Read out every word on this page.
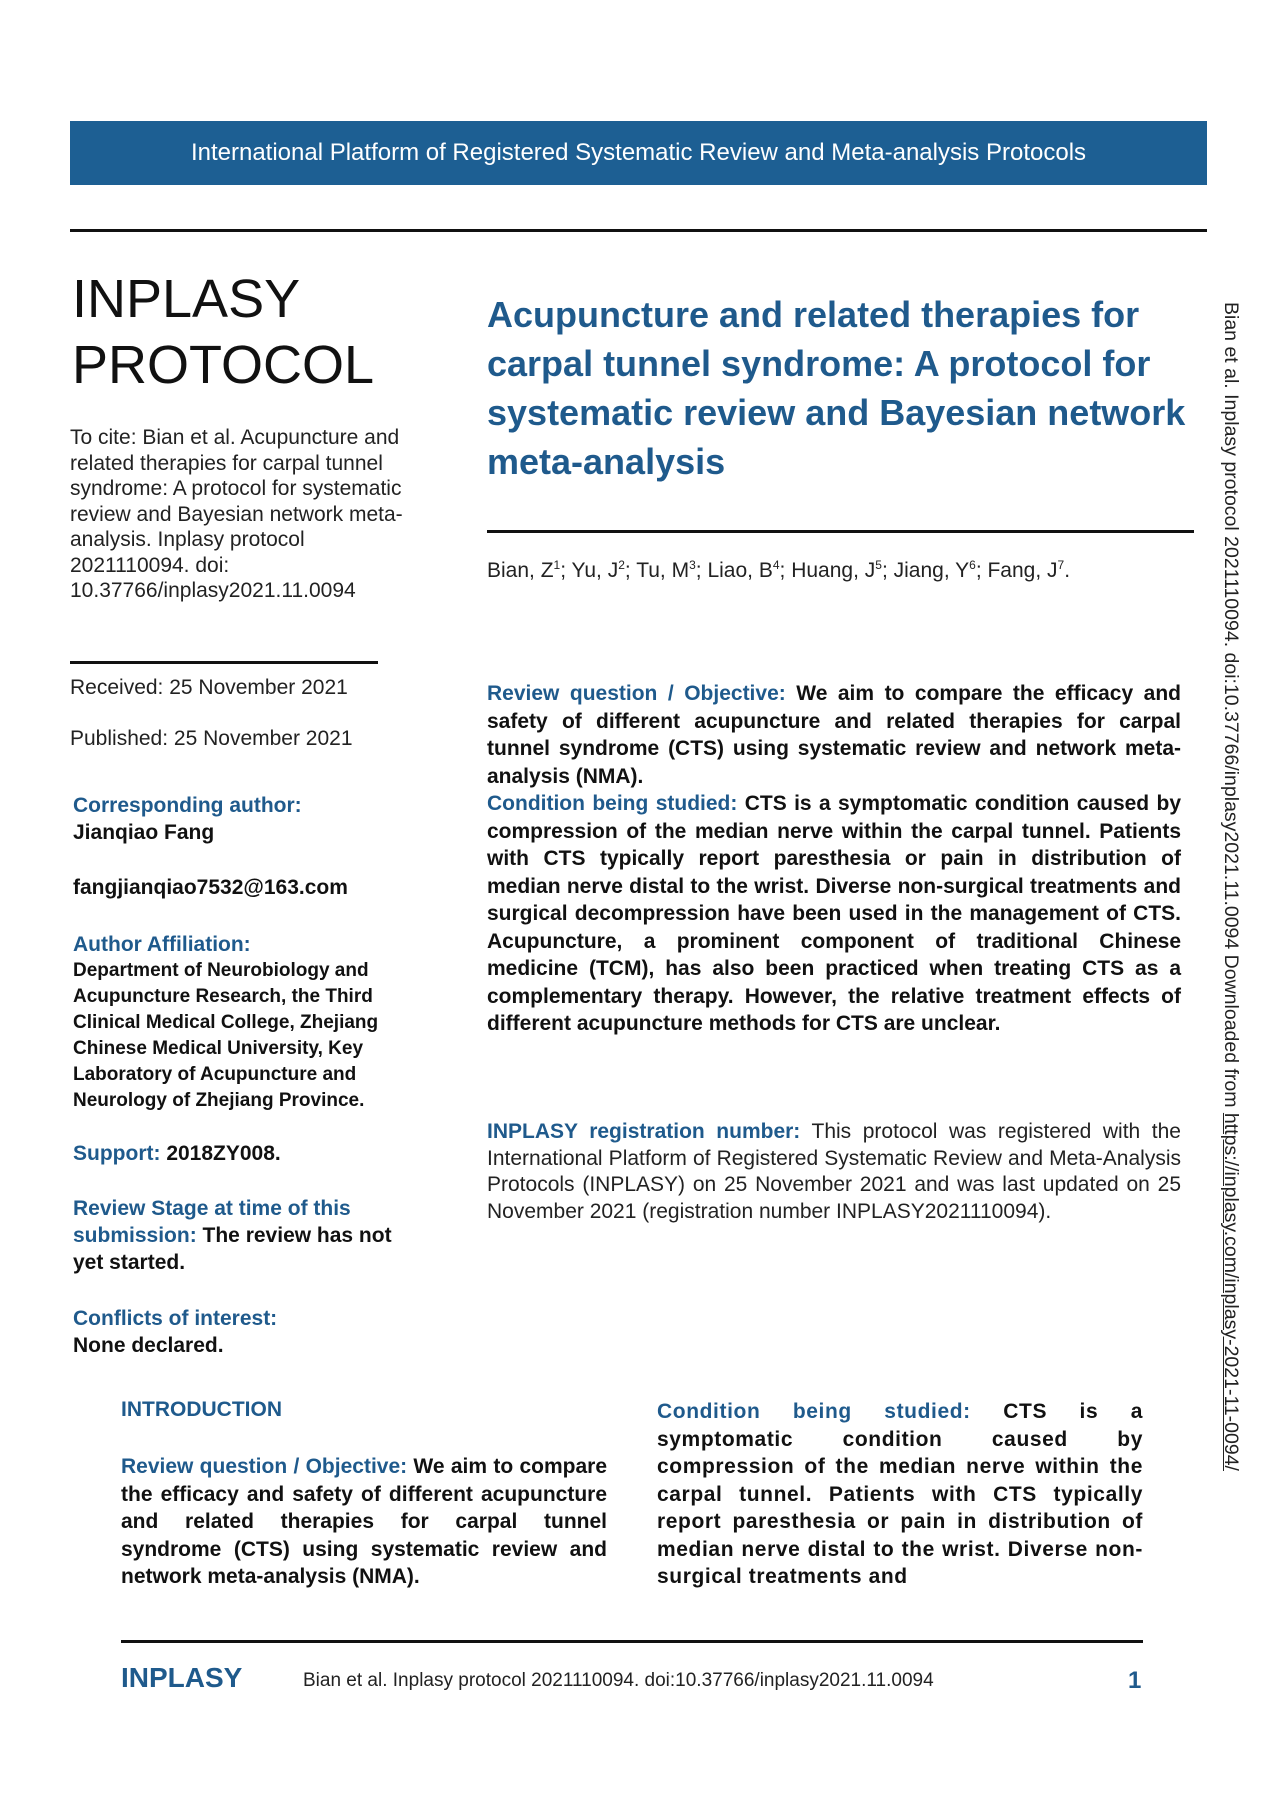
International Platform of Registered Systematic Review and Meta-analysis Protocols
INPLASY
PROTOCOL
To cite: Bian et al. Acupuncture and related therapies for carpal tunnel syndrome: A protocol for systematic review and Bayesian network meta-analysis. Inplasy protocol 2021110094. doi: 10.37766/inplasy2021.11.0094
Received: 25 November 2021
Published: 25 November 2021
Corresponding author:
Jianqiao Fang
fangjianqiao7532@163.com
Author Affiliation:
Department of Neurobiology and Acupuncture Research, the Third Clinical Medical College, Zhejiang Chinese Medical University, Key Laboratory of Acupuncture and Neurology of Zhejiang Province.
Support: 2018ZY008.
Review Stage at time of this submission: The review has not yet started.
Conflicts of interest:
None declared.
Acupuncture and related therapies for carpal tunnel syndrome: A protocol for systematic review and Bayesian network meta-analysis
Bian, $Z^1$; Yu, $J^2$; Tu, $M^3$; Liao, $B^4$; Huang, $J^5$; Jiang, $Y^6$; Fang, $J^7$.
Review question / Objective: We aim to compare the efficacy and safety of different acupuncture and related therapies for carpal tunnel syndrome (CTS) using systematic review and network meta-analysis (NMA).
Condition being studied: CTS is a symptomatic condition caused by compression of the median nerve within the carpal tunnel. Patients with CTS typically report paresthesia or pain in distribution of median nerve distal to the wrist. Diverse non-surgical treatments and surgical decompression have been used in the management of CTS. Acupuncture, a prominent component of traditional Chinese medicine (TCM), has also been practiced when treating CTS as a complementary therapy. However, the relative treatment effects of different acupuncture methods for CTS are unclear.
INPLASY registration number: This protocol was registered with the International Platform of Registered Systematic Review and Meta-Analysis Protocols (INPLASY) on 25 November 2021 and was last updated on 25 November 2021 (registration number INPLASY2021110094).
INTRODUCTION
Review question / Objective: We aim to compare the efficacy and safety of different acupuncture and related therapies for carpal tunnel syndrome (CTS) using systematic review and network meta-analysis (NMA).
Condition being studied: CTS is a symptomatic condition caused by compression of the median nerve within the carpal tunnel. Patients with CTS typically report paresthesia or pain in distribution of median nerve distal to the wrist. Diverse non-surgical treatments and
INPLASY	Bian et al. Inplasy protocol 2021110094. doi:10.37766/inplasy2021.11.0094	1
Bian et al. Inplasy protocol 2021110094. doi:10.37766/inplasy2021.11.0094 Downloaded from https://inplasy.com/inplasy-2021-11-0094/
